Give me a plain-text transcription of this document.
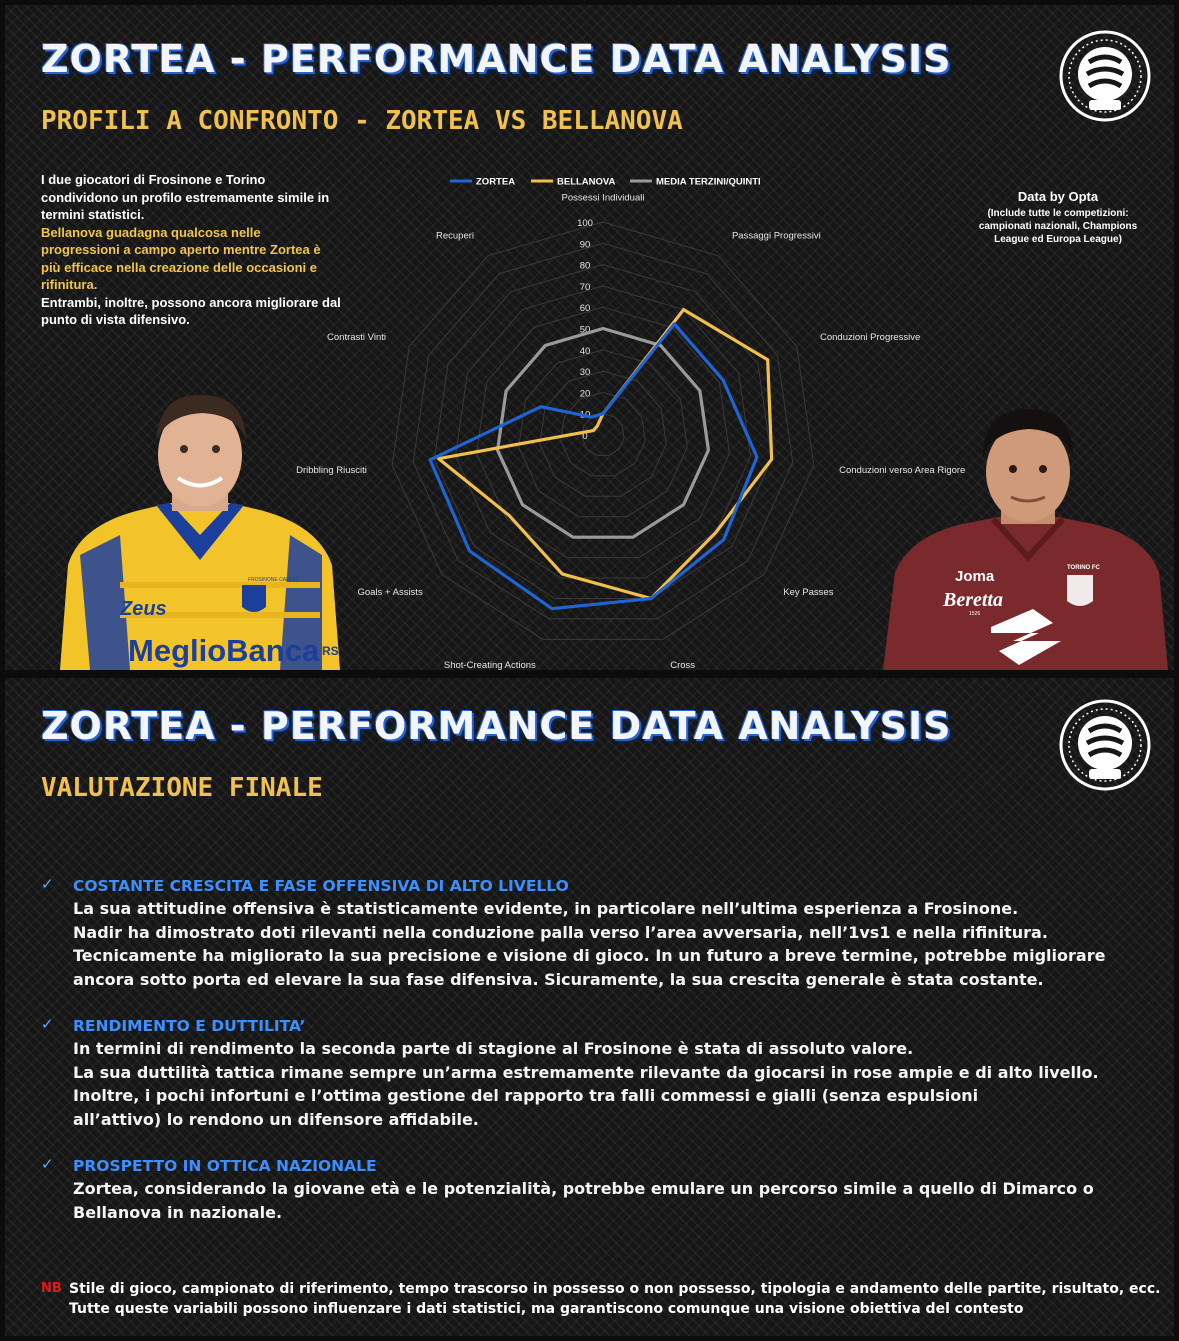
ZORTEA - PERFORMANCE DATA ANALYSIS
PROFILI A CONFRONTO - ZORTEA VS BELLANOVA

I due giocatori di Frosinone e Torino condividono un profilo estremamente simile in termini statistici.

Bellanova guadagna qualcosa nelle progressioni a campo aperto mentre Zortea è più efficace nella creazione delle occasioni e rifinitura.

Entrambi, inoltre, possono ancora migliorare dal punto di vista difensivo.

Data by Opta
(Include tutte le competizioni: campionati nazionali, Champions League ed Europa League)
FROSINONE CALCIO
Zeus
MeglioBanca RS
Joma
Beretta
1526
TORINO FC
0
10
20
30
40
50
60
70
80
90
100
Possessi Individuali
Passaggi Progressivi
Conduzioni Progressive
Conduzioni verso Area Rigore
Key Passes
Cross
Shot-Creating Actions
Goals + Assists
Dribbling Riusciti
Contrasti Vinti
Recuperi
ZORTEA	BELLANOVA	MEDIA TERZINI/QUINTI
ZORTEA - PERFORMANCE DATA ANALYSIS
VALUTAZIONE FINALE
✓ COSTANTE CRESCITA E FASE OFFENSIVA DI ALTO LIVELLO
La sua attitudine offensiva è statisticamente evidente, in particolare nell’ultima esperienza a Frosinone.
Nadir ha dimostrato doti rilevanti nella conduzione palla verso l’area avversaria, nell’1vs1 e nella rifinitura.
Tecnicamente ha migliorato la sua precisione e visione di gioco. In un futuro a breve termine, potrebbe migliorare
ancora sotto porta ed elevare la sua fase difensiva. Sicuramente, la sua crescita generale è stata costante.
✓ RENDIMENTO E DUTTILITA’
In termini di rendimento la seconda parte di stagione al Frosinone è stata di assoluto valore.
La sua duttilità tattica rimane sempre un’arma estremamente rilevante da giocarsi in rose ampie e di alto livello.
Inoltre, i pochi infortuni e l’ottima gestione del rapporto tra falli commessi e gialli (senza espulsioni
all’attivo) lo rendono un difensore affidabile.
✓ PROSPETTO IN OTTICA NAZIONALE
Zortea, considerando la giovane età e le potenzialità, potrebbe emulare un percorso simile a quello di Dimarco o
Bellanova in nazionale.
NB Stile di gioco, campionato di riferimento, tempo trascorso in possesso o non possesso, tipologia e andamento delle partite, risultato, ecc.
Tutte queste variabili possono influenzare i dati statistici, ma garantiscono comunque una visione obiettiva del contesto
